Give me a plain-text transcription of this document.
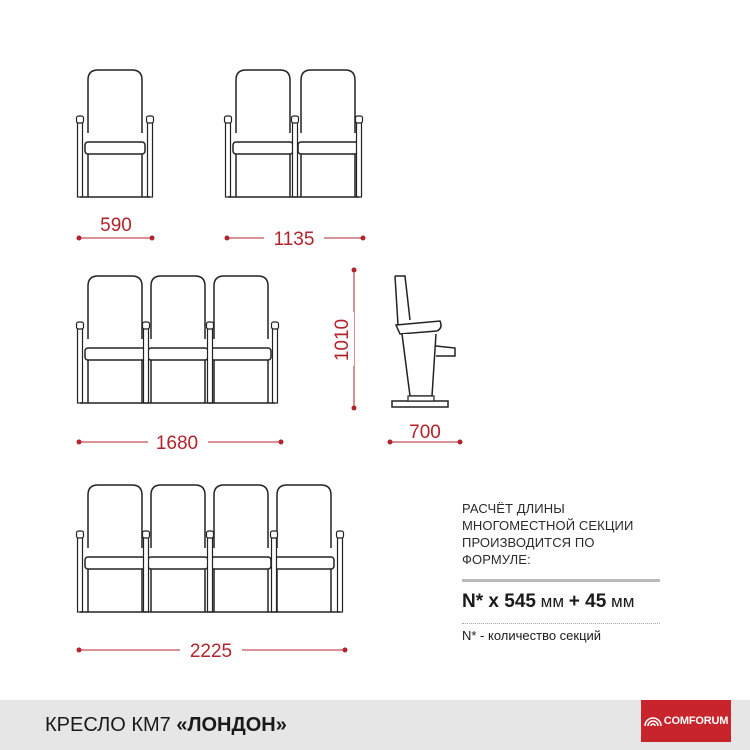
590
1135
1680
2225
1010
700
РАСЧЁТ ДЛИНЫ
МНОГОМЕСТНОЙ СЕКЦИИ
ПРОИЗВОДИТСЯ ПО ФОРМУЛЕ:
N* x 545 мм + 45 мм
N* - количество секций
КРЕСЛО КМ7 «ЛОНДОН»	COMFORUM
